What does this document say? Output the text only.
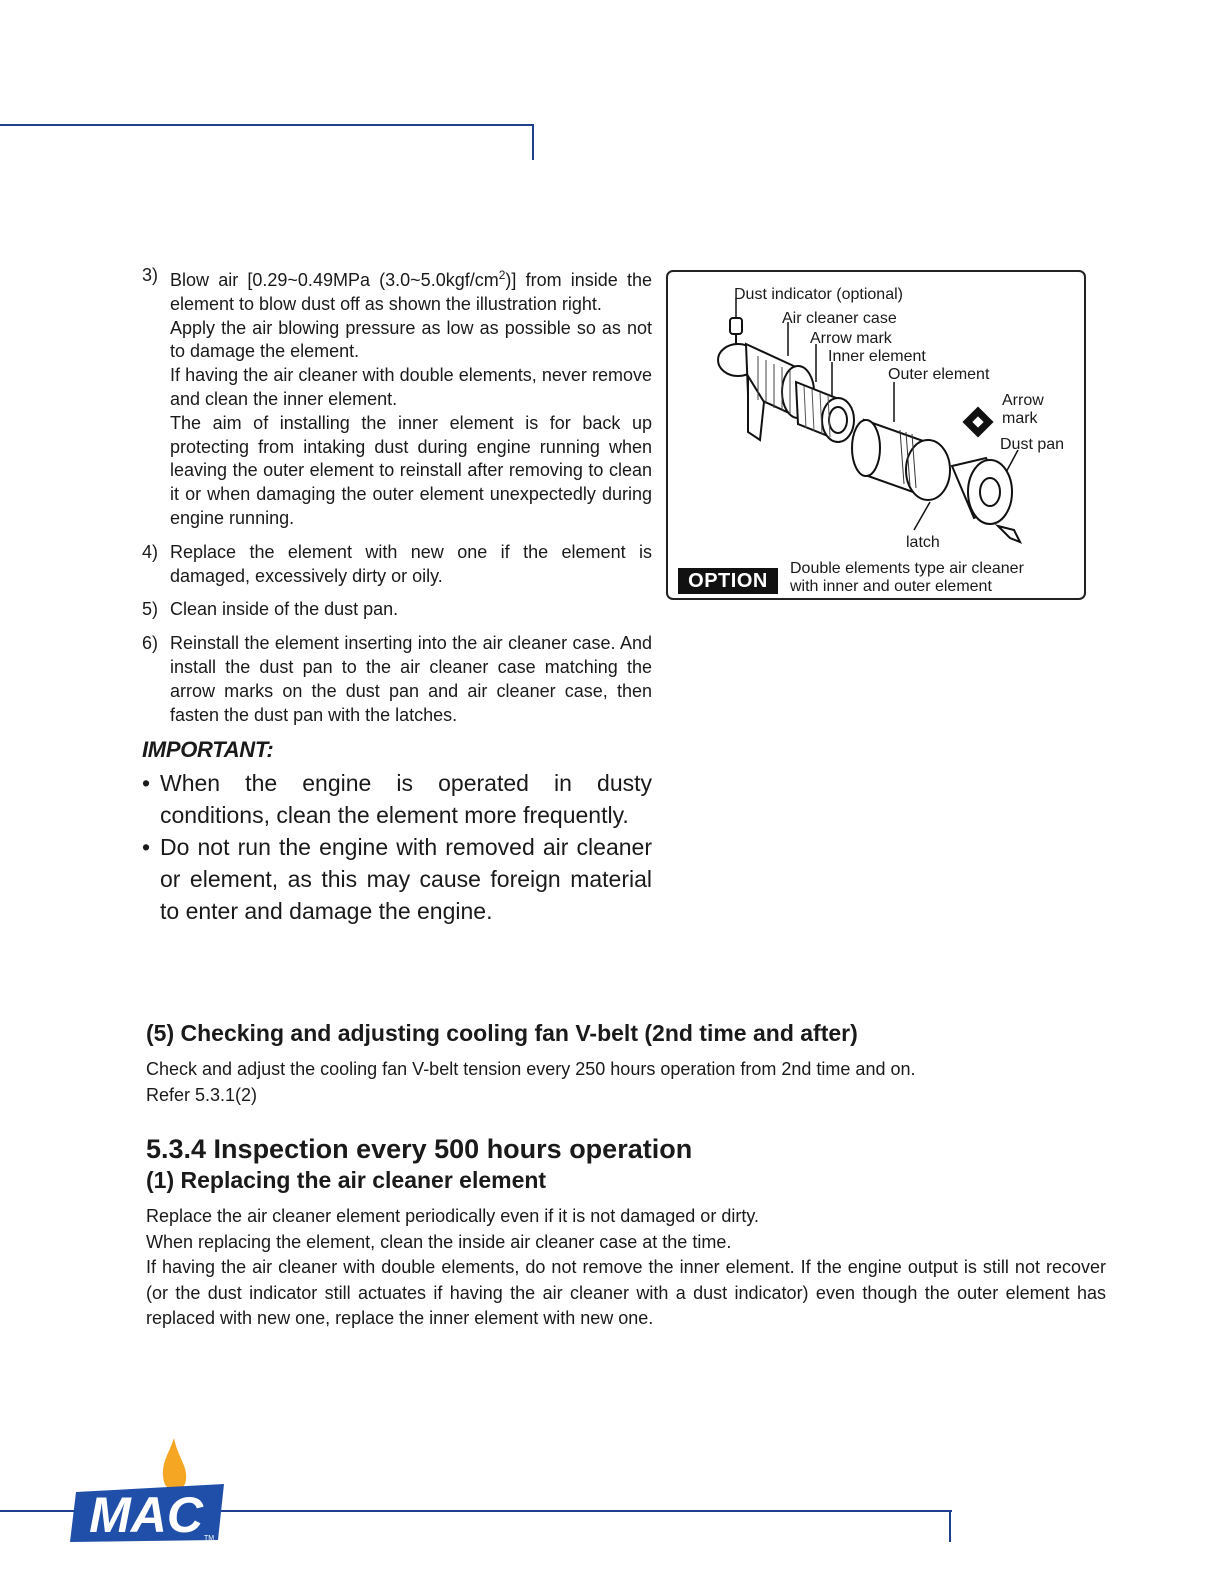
3) Blow air [0.29~0.49MPa $(3.0\sim 5.0kgf/cm^2)$] from inside the element to blow dust off as shown the illustration right.

Apply the air blowing pressure as low as possible so as not to damage the element.

If having the air cleaner with double elements, never remove and clean the inner element.

The aim of installing the inner element is for back up protecting from intaking dust during engine running when leaving the outer element to reinstall after removing to clean it or when damaging the outer element unexpectedly during engine running.

4) Replace the element with new one if the element is damaged, excessively dirty or oily.
5) Clean inside of the dust pan.
6) Reinstall the element inserting into the air cleaner case. And install the dust pan to the air cleaner case matching the arrow marks on the dust pan and air cleaner case, then fasten the dust pan with the latches.
IMPORTANT:
• When the engine is operated in dusty conditions, clean the element more frequently.
• Do not run the engine with removed air cleaner or element, as this may cause foreign material to enter and damage the engine.
Dust indicator (optional)
Air cleaner case
Arrow mark
Inner element
Outer element
Arrow
mark
Dust pan
latch
OPTION
Double elements type air cleaner
with inner and outer element
(5) Checking and adjusting cooling fan V-belt (2nd time and after)

Check and adjust the cooling fan V-belt tension every 250 hours operation from 2nd time and on.

Refer 5.3.1(2)

5.3.4 Inspection every 500 hours operation
(1) Replacing the air cleaner element

Replace the air cleaner element periodically even if it is not damaged or dirty.

When replacing the element, clean the inside air cleaner case at the time.

If having the air cleaner with double elements, do not remove the inner element. If the engine output is still not recover (or the dust indicator still actuates if having the air cleaner with a dust indicator) even though the outer element has replaced with new one, replace the inner element with new one.

MAC TM
